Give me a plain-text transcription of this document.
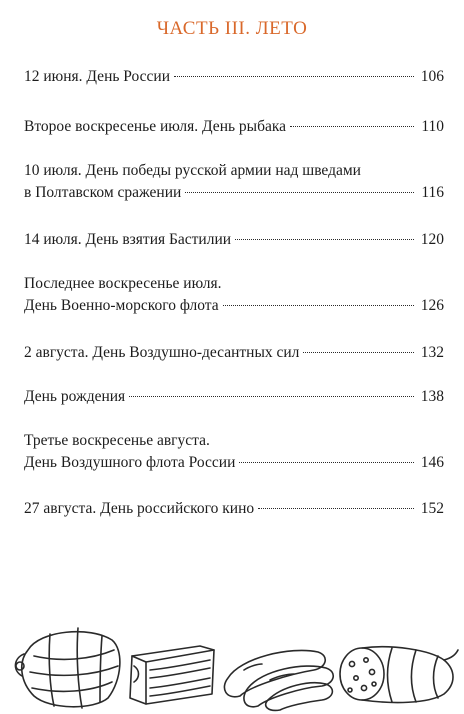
ЧАСТЬ III. ЛЕТО
12 июня. День России	106
Второе воскресенье июля. День рыбака	110
10 июля. День победы русской армии над шведами
в Полтавском сражении	116
14 июля. День взятия Бастилии	120
Последнее воскресенье июля.
День Военно-морского флота	126
2 августа. День Воздушно-десантных сил	132
День рождения	138
Третье воскресенье августа.
День Воздушного флота России	146
27 августа. День российского кино	152
